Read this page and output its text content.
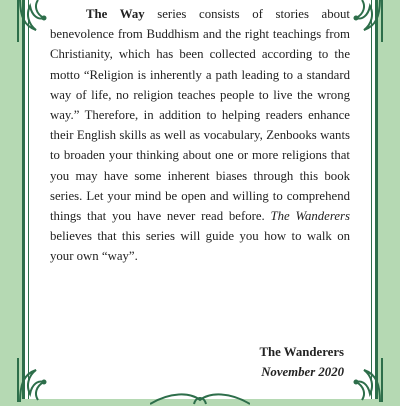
The Way series consists of stories about benevolence from Buddhism and the right teachings from Christianity, which has been collected according to the motto “Religion is inherently a path leading to a standard way of life, no religion teaches people to live the wrong way.” Therefore, in addition to helping readers enhance their English skills as well as vocabulary, Zenbooks wants to broaden your thinking about one or more religions that you may have some inherent biases through this book series. Let your mind be open and willing to comprehend things that you have never read before. The Wanderers believes that this series will guide you how to walk on your own “way”.

The Wanderers
November 2020
